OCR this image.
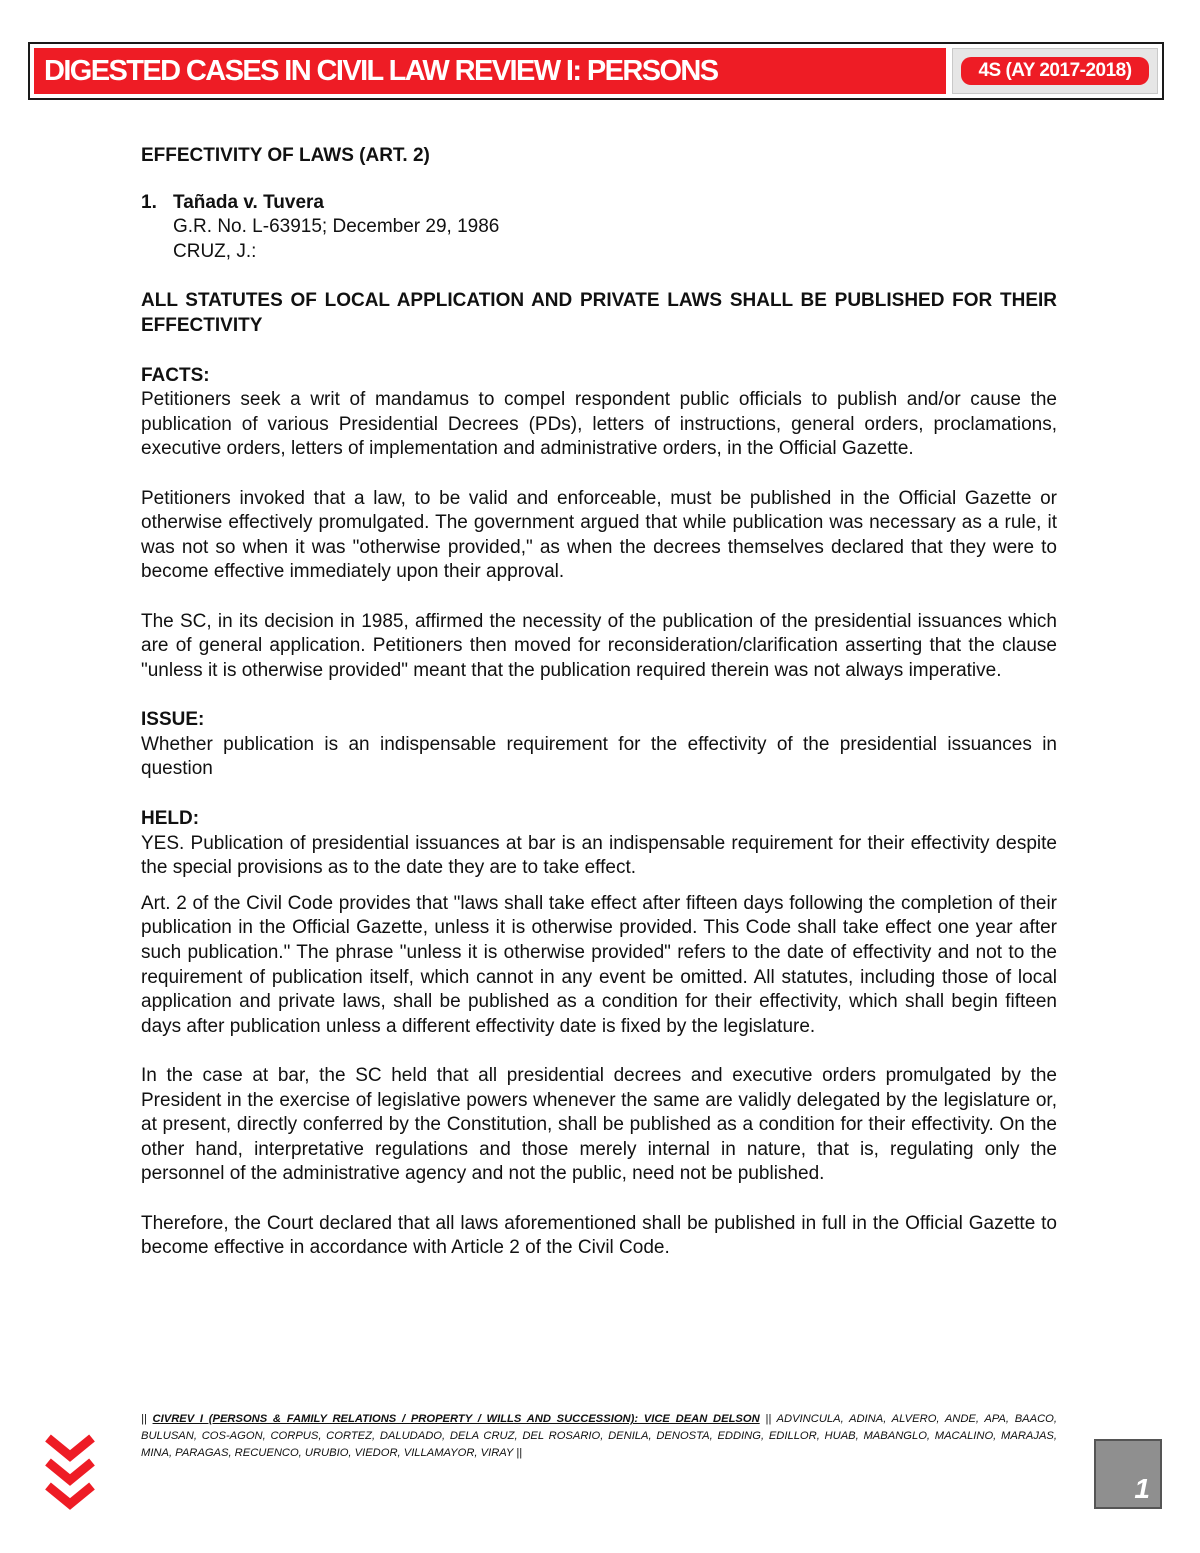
DIGESTED CASES IN CIVIL LAW REVIEW I: PERSONS	4S (AY 2017-2018)

EFFECTIVITY OF LAWS (ART. 2)

1. Tañada v. Tuvera

G.R. No. L-63915; December 29, 1986

CRUZ, J.:

ALL STATUTES OF LOCAL APPLICATION AND PRIVATE LAWS SHALL BE PUBLISHED FOR THEIR EFFECTIVITY

FACTS:

Petitioners seek a writ of mandamus to compel respondent public officials to publish and/or cause the publication of various Presidential Decrees (PDs), letters of instructions, general orders, proclamations, executive orders, letters of implementation and administrative orders, in the Official Gazette.

Petitioners invoked that a law, to be valid and enforceable, must be published in the Official Gazette or otherwise effectively promulgated. The government argued that while publication was necessary as a rule, it was not so when it was "otherwise provided," as when the decrees themselves declared that they were to become effective immediately upon their approval.

The SC, in its decision in 1985, affirmed the necessity of the publication of the presidential issuances which are of general application. Petitioners then moved for reconsideration/clarification asserting that the clause "unless it is otherwise provided" meant that the publication required therein was not always imperative.

ISSUE:

Whether publication is an indispensable requirement for the effectivity of the presidential issuances in question

HELD:

YES. Publication of presidential issuances at bar is an indispensable requirement for their effectivity despite the special provisions as to the date they are to take effect.

Art. 2 of the Civil Code provides that "laws shall take effect after fifteen days following the completion of their publication in the Official Gazette, unless it is otherwise provided. This Code shall take effect one year after such publication." The phrase "unless it is otherwise provided" refers to the date of effectivity and not to the requirement of publication itself, which cannot in any event be omitted. All statutes, including those of local application and private laws, shall be published as a condition for their effectivity, which shall begin fifteen days after publication unless a different effectivity date is fixed by the legislature.

In the case at bar, the SC held that all presidential decrees and executive orders promulgated by the President in the exercise of legislative powers whenever the same are validly delegated by the legislature or, at present, directly conferred by the Constitution, shall be published as a condition for their effectivity. On the other hand, interpretative regulations and those merely internal in nature, that is, regulating only the personnel of the administrative agency and not the public, need not be published.

Therefore, the Court declared that all laws aforementioned shall be published in full in the Official Gazette to become effective in accordance with Article 2 of the Civil Code.

|| CIVREV I (PERSONS & FAMILY RELATIONS / PROPERTY / WILLS AND SUCCESSION): VICE DEAN DELSON || ADVINCULA, ADINA, ALVERO, ANDE, APA, BAACO, BULUSAN, COS-AGON, CORPUS, CORTEZ, DALUDADO, DELA CRUZ, DEL ROSARIO, DENILA, DENOSTA, EDDING, EDILLOR, HUAB, MABANGLO, MACALINO, MARAJAS, MINA, PARAGAS, RECUENCO, URUBIO, VIEDOR, VILLAMAYOR, VIRAY ||
1
